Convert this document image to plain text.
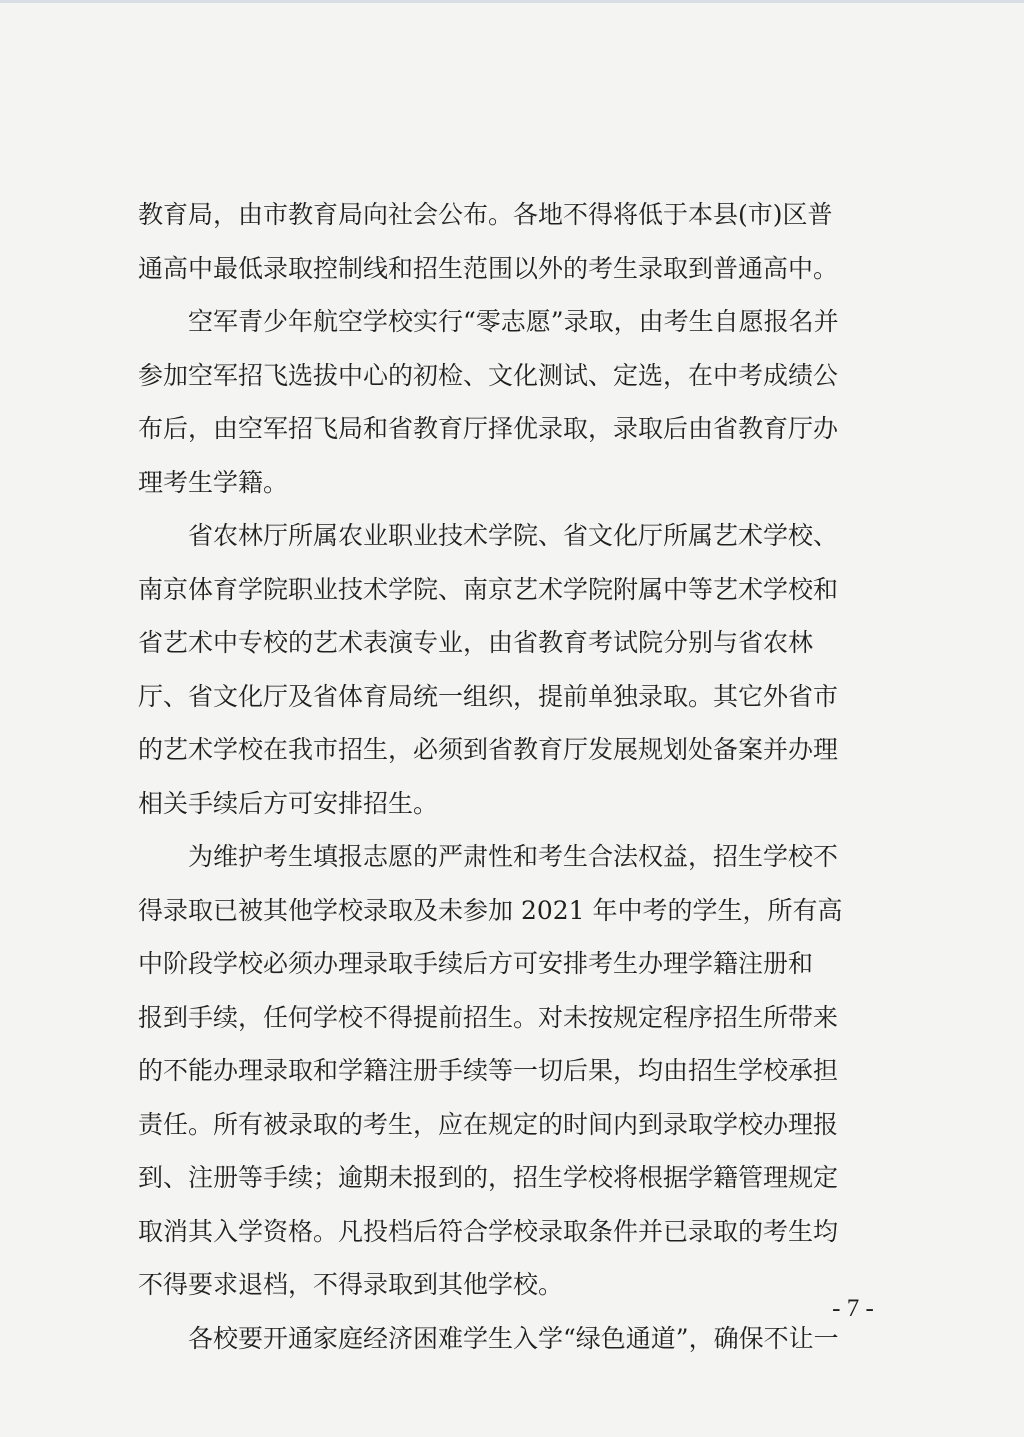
教育局，由市教育局向社会公布。各地不得将低于本县(市)区普
通高中最低录取控制线和招生范围以外的考生录取到普通高中。
　　空军青少年航空学校实行“零志愿”录取，由考生自愿报名并
参加空军招飞选拔中心的初检、文化测试、定选，在中考成绩公
布后，由空军招飞局和省教育厅择优录取，录取后由省教育厅办
理考生学籍。
　　省农林厅所属农业职业技术学院、省文化厅所属艺术学校、
南京体育学院职业技术学院、南京艺术学院附属中等艺术学校和
省艺术中专校的艺术表演专业，由省教育考试院分别与省农林
厅、省文化厅及省体育局统一组织，提前单独录取。其它外省市
的艺术学校在我市招生，必须到省教育厅发展规划处备案并办理
相关手续后方可安排招生。
　　为维护考生填报志愿的严肃性和考生合法权益，招生学校不
得录取已被其他学校录取及未参加 2021 年中考的学生，所有高
中阶段学校必须办理录取手续后方可安排考生办理学籍注册和
报到手续，任何学校不得提前招生。对未按规定程序招生所带来
的不能办理录取和学籍注册手续等一切后果，均由招生学校承担
责任。所有被录取的考生，应在规定的时间内到录取学校办理报
到、注册等手续；逾期未报到的，招生学校将根据学籍管理规定
取消其入学资格。凡投档后符合学校录取条件并已录取的考生均
不得要求退档，不得录取到其他学校。
　　各校要开通家庭经济困难学生入学“绿色通道”，确保不让一
- 7 -
